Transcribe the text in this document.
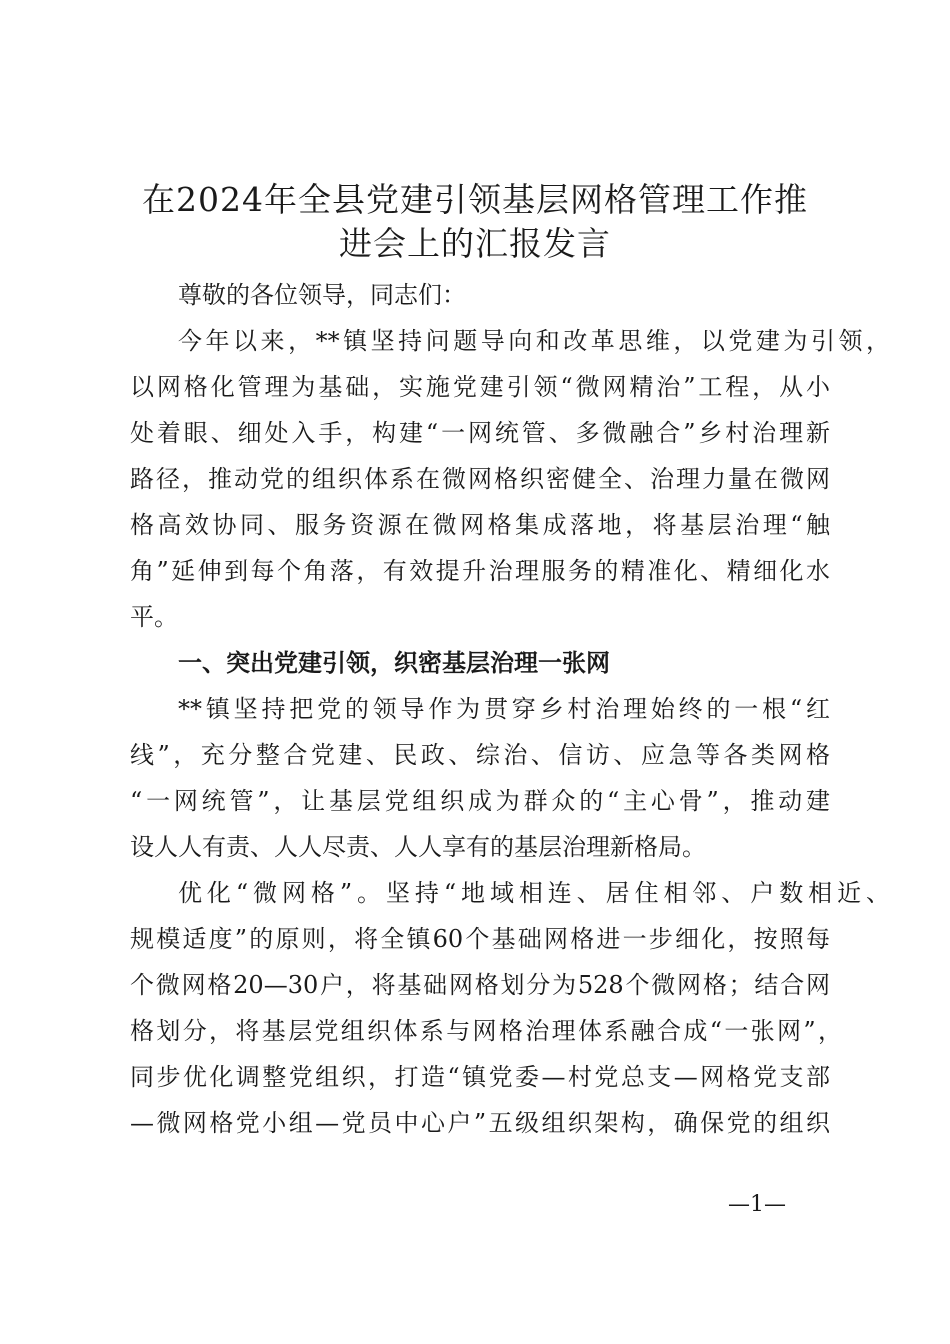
在2024年全县党建引领基层网格管理工作推
进会上的汇报发言
尊敬的各位领导，同志们：
今年以来，**镇坚持问题导向和改革思维，以党建为引领，
以网格化管理为基础，实施党建引领“微网精治”工程，从小
处着眼、细处入手，构建“一网统管、多微融合”乡村治理新
路径，推动党的组织体系在微网格织密健全、治理力量在微网
格高效协同、服务资源在微网格集成落地，将基层治理“触
角”延伸到每个角落，有效提升治理服务的精准化、精细化水
平。
一、突出党建引领，织密基层治理一张网
**镇坚持把党的领导作为贯穿乡村治理始终的一根“红
线”，充分整合党建、民政、综治、信访、应急等各类网格
“一网统管”，让基层党组织成为群众的“主心骨”，推动建
设人人有责、人人尽责、人人享有的基层治理新格局。
优化“微网格”。坚持“地域相连、居住相邻、户数相近、
规模适度”的原则，将全镇60个基础网格进一步细化，按照每
个微网格20—30户，将基础网格划分为528个微网格；结合网
格划分，将基层党组织体系与网格治理体系融合成“一张网”，
同步优化调整党组织，打造“镇党委—村党总支—网格党支部
—微网格党小组—党员中心户”五级组织架构，确保党的组织
—1—
